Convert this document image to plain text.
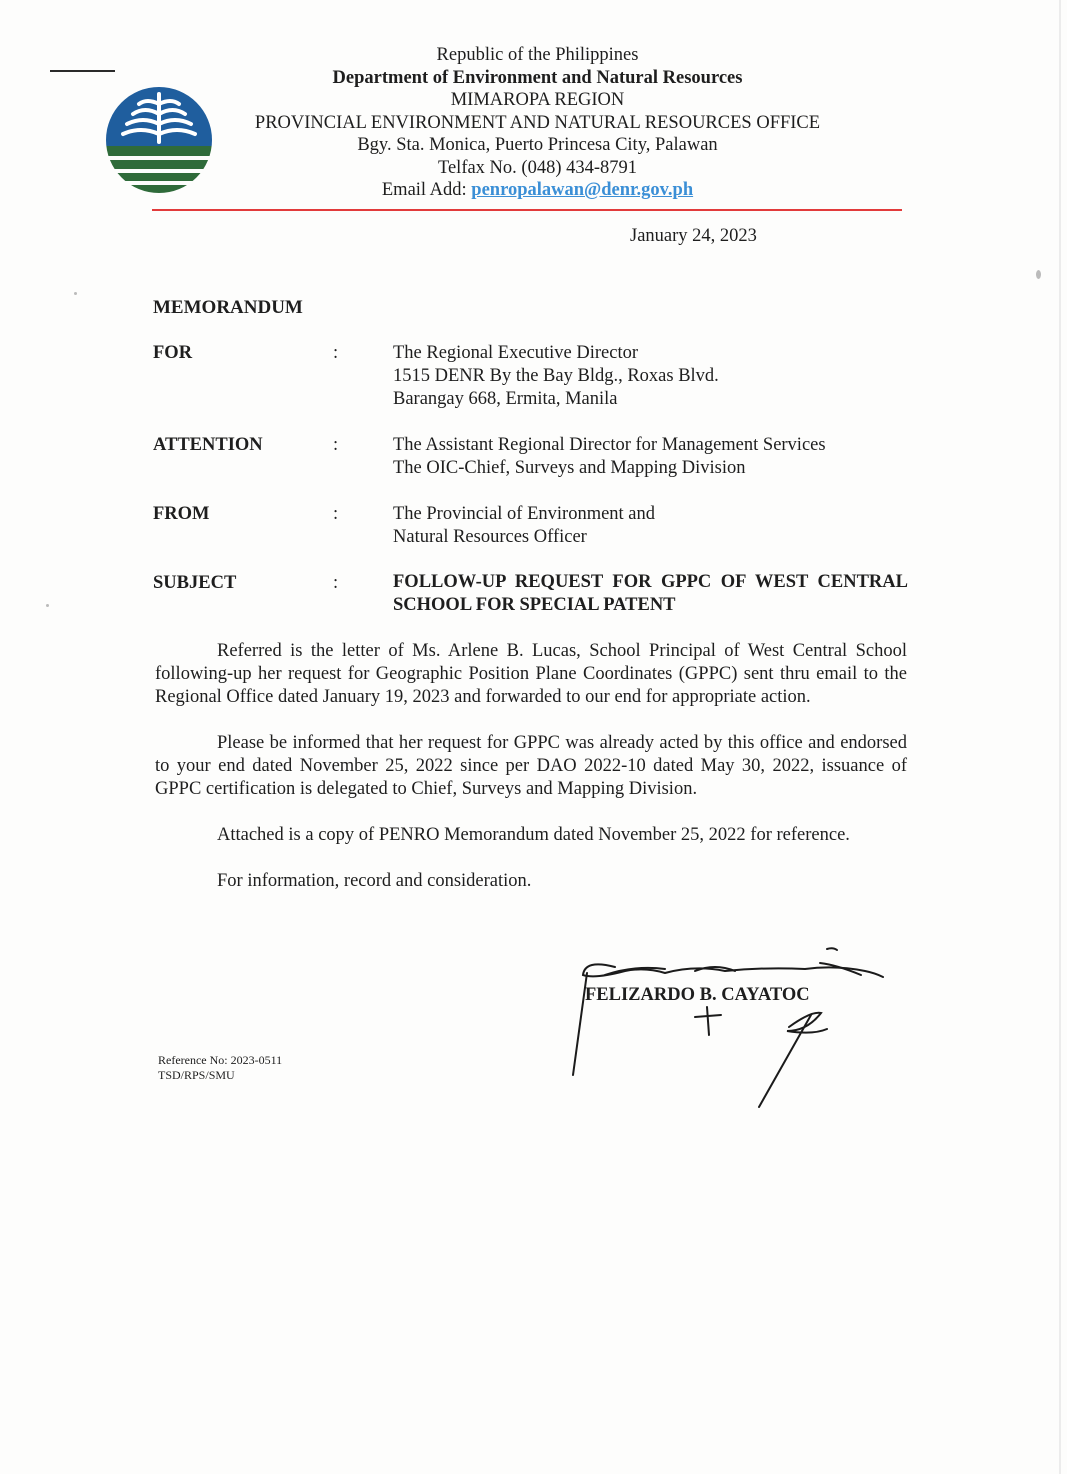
Republic of the Philippines
Department of Environment and Natural Resources
MIMAROPA REGION
PROVINCIAL ENVIRONMENT AND NATURAL RESOURCES OFFICE
Bgy. Sta. Monica, Puerto Princesa City, Palawan
Telfax No. (048) 434-8791
Email Add: penropalawan@denr.gov.ph
January 24, 2023
MEMORANDUM
FOR	:	The Regional Executive Director
1515 DENR By the Bay Bldg., Roxas Blvd.
Barangay 668, Ermita, Manila
ATTENTION	:	The Assistant Regional Director for Management Services
The OIC-Chief, Surveys and Mapping Division
FROM	:	The Provincial of Environment and
Natural Resources Officer
SUBJECT	:	FOLLOW-UP REQUEST FOR GPPC OF WEST CENTRAL SCHOOL FOR SPECIAL PATENT
Referred is the letter of Ms. Arlene B. Lucas, School Principal of West Central School following-up her request for Geographic Position Plane Coordinates (GPPC) sent thru email to the Regional Office dated January 19, 2023 and forwarded to our end for appropriate action.
Please be informed that her request for GPPC was already acted by this office and endorsed to your end dated November 25, 2022 since per DAO 2022-10 dated May 30, 2022, issuance of GPPC certification is delegated to Chief, Surveys and Mapping Division.
Attached is a copy of PENRO Memorandum dated November 25, 2022 for reference.
For information, record and consideration.
FELIZARDO B. CAYATOC
Reference No: 2023-0511
TSD/RPS/SMU
